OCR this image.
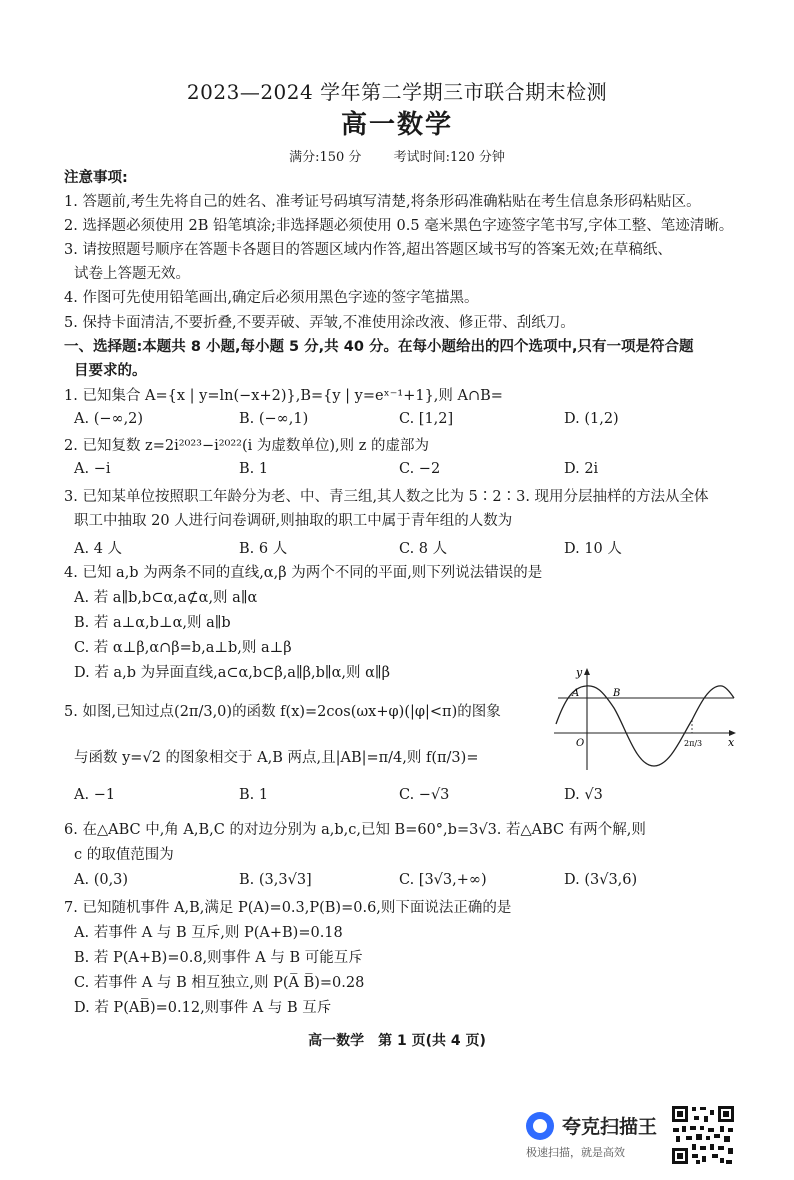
2023—2024 学年第二学期三市联合期末检测
高一数学
满分:150 分 考试时间:120 分钟
注意事项:
1. 答题前,考生先将自己的姓名、准考证号码填写清楚,将条形码准确粘贴在考生信息条形码粘贴区。
2. 选择题必须使用 2B 铅笔填涂;非选择题必须使用 0.5 毫米黑色字迹签字笔书写,字体工整、笔迹清晰。
3. 请按照题号顺序在答题卡各题目的答题区域内作答,超出答题区域书写的答案无效;在草稿纸、
试卷上答题无效。
4. 作图可先使用铅笔画出,确定后必须用黑色字迹的签字笔描黑。
5. 保持卡面清洁,不要折叠,不要弄破、弄皱,不准使用涂改液、修正带、刮纸刀。
一、选择题:本题共 8 小题,每小题 5 分,共 40 分。在每小题给出的四个选项中,只有一项是符合题
目要求的。
1. 已知集合 A={x | y=ln(−x+2)},B={y | y=eˣ⁻¹+1},则 A∩B=
A. (−∞,2)	B. (−∞,1)	C. [1,2]	D. (1,2)
2. 已知复数 z=2i²⁰²³−i²⁰²²(i 为虚数单位),则 z 的虚部为
A. −i	B. 1	C. −2	D. 2i
3. 已知某单位按照职工年龄分为老、中、青三组,其人数之比为 5∶2∶3. 现用分层抽样的方法从全体
职工中抽取 20 人进行问卷调研,则抽取的职工中属于青年组的人数为
A. 4 人	B. 6 人	C. 8 人	D. 10 人
4. 已知 a,b 为两条不同的直线,α,β 为两个不同的平面,则下列说法错误的是
A. 若 a∥b,b⊂α,a⊄α,则 a∥α
B. 若 a⊥α,b⊥α,则 a∥b
C. 若 α⊥β,α∩β=b,a⊥b,则 a⊥β
D. 若 a,b 为异面直线,a⊂α,b⊂β,a∥β,b∥α,则 α∥β
5. 如图,已知过点(2π/3,0)的函数 f(x)=2cos(ωx+φ)(|φ|<π)的图象
与函数 y=√2 的图象相交于 A,B 两点,且|AB|=π/4,则 f(π/3)=
A. −1	B. 1	C. −√3	D. √3
y
x
O
A	B
2π/3
6. 在△ABC 中,角 A,B,C 的对边分别为 a,b,c,已知 B=60°,b=3√3. 若△ABC 有两个解,则
c 的取值范围为
A. (0,3)	B. (3,3√3]	C. [3√3,+∞)	D. (3√3,6)
7. 已知随机事件 A,B,满足 P(A)=0.3,P(B)=0.6,则下面说法正确的是
A. 若事件 A 与 B 互斥,则 P(A+B)=0.18
B. 若 P(A+B)=0.8,则事件 A 与 B 可能互斥
C. 若事件 A 与 B 相互独立,则 P(A̅ B̅)=0.28
D. 若 P(AB̅)=0.12,则事件 A 与 B 互斥
高一数学　第 1 页(共 4 页)
夸克扫描王
极速扫描，就是高效
